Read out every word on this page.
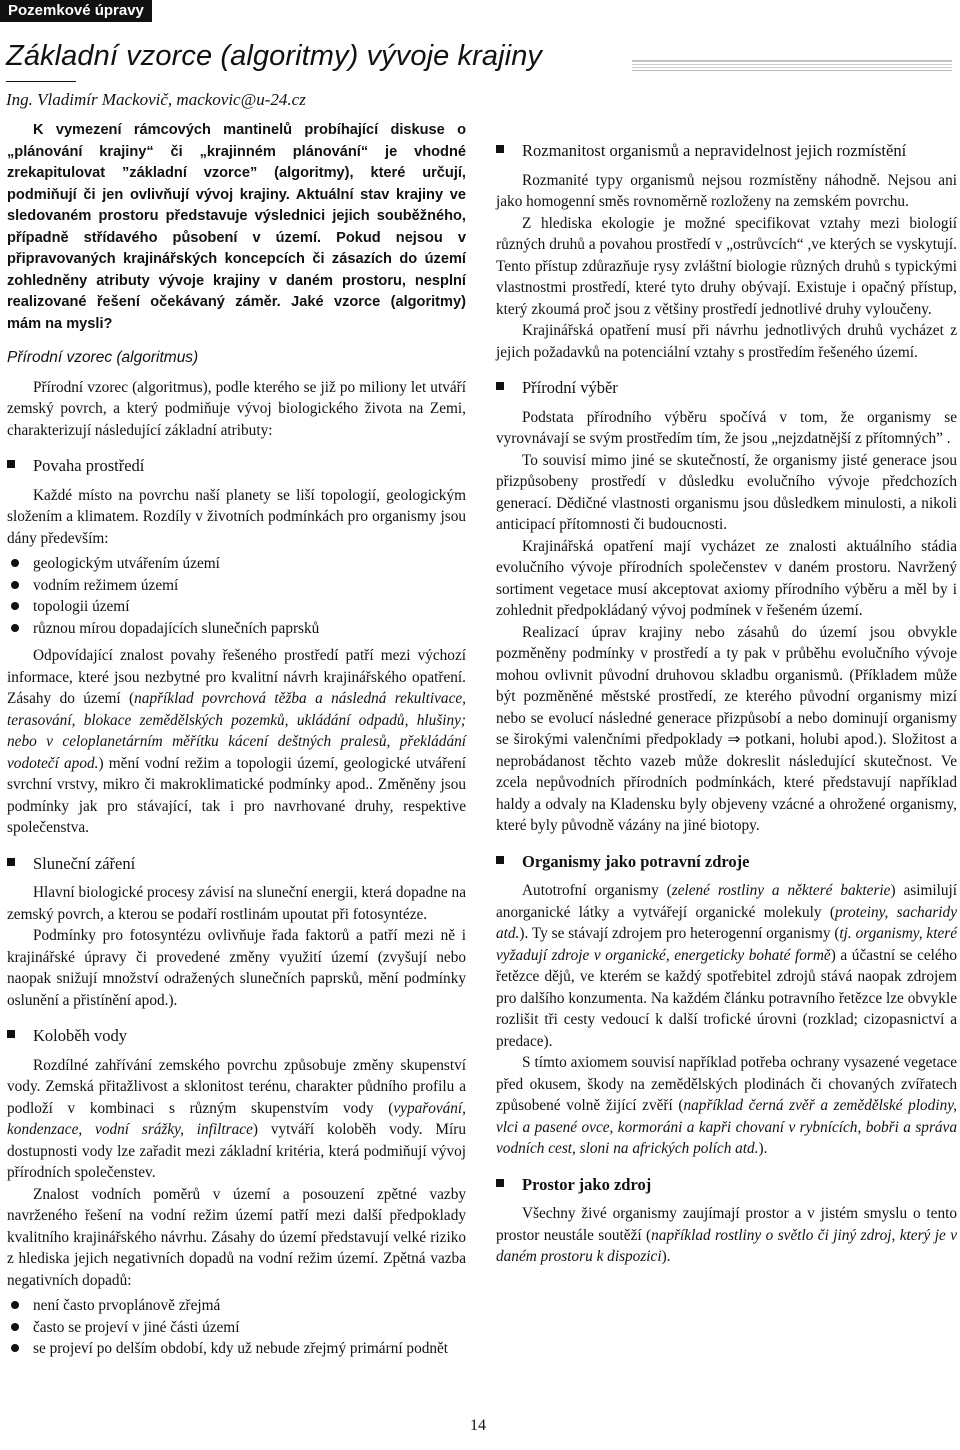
Pozemkové úpravy
Základní vzorce (algoritmy) vývoje krajiny
Ing. Vladimír Mackovič, mackovic@u-24.cz

K vymezení rámcových mantinelů probíhající diskuse o „plánování krajiny“ či „krajinném plánování“ je vhodné zrekapitulovat ”základní vzorce” (algoritmy), které určují, podmiňují či jen ovlivňují vývoj krajiny. Aktuální stav krajiny ve sledovaném prostoru představuje výslednici jejich souběžného, případně střídavého působení v území. Pokud nejsou v připravovaných krajinářských koncepcích či zásazích do území zohledněny atributy vývoje krajiny v daném prostoru, nesplní realizované řešení očekávaný záměr. Jaké vzorce (algoritmy) mám na mysli?

Přírodní vzorec (algoritmus)

Přírodní vzorec (algoritmus), podle kterého se již po miliony let utváří zemský povrch, a který podmiňuje vývoj biologického života na Zemi, charakterizují následující základní atributy:

Povaha prostředí

Každé místo na povrchu naší planety se liší topologií, geologickým složením a klimatem. Rozdíly v životních podmínkách pro organismy jsou dány především:

geologickým utvářením území
vodním režimem území
topologii území
různou mírou dopadajících slunečních paprsků

Odpovídající znalost povahy řešeného prostředí patří mezi výchozí informace, které jsou nezbytné pro kvalitní návrh krajinářského opatření. Zásahy do území (například povrchová těžba a následná rekultivace, terasování, blokace zemědělských pozemků, ukládání odpadů, hlušiny; nebo v celoplanetárním měřítku kácení deštných pralesů, překládání vodotečí apod.) mění vodní režim a topologii území, geologické utváření svrchní vrstvy, mikro či makroklimatické podmínky apod.. Změněny jsou podmínky jak pro stávající, tak i pro navrhované druhy, respektive společenstva.

Sluneční záření

Hlavní biologické procesy závisí na sluneční energii, která dopadne na zemský povrch, a kterou se podaří rostlinám upoutat při fotosyntéze.

Podmínky pro fotosyntézu ovlivňuje řada faktorů a patří mezi ně i krajinářské úpravy či provedené změny využití území (zvyšují nebo naopak snižují množství odražených slunečních paprsků, mění podmínky oslunění a přistínění apod.).

Koloběh vody

Rozdílné zahřívání zemského povrchu způsobuje změny skupenství vody. Zemská přitažlivost a sklonitost terénu, charakter půdního profilu a podloží v kombinaci s různým skupenstvím vody (vypařování, kondenzace, vodní srážky, infiltrace) vytváří koloběh vody. Míru dostupnosti vody lze zařadit mezi základní kritéria, která podmiňují vývoj přírodních společenstev.

Znalost vodních poměrů v území a posouzení zpětné vazby navrženého řešení na vodní režim území patří mezi další předpoklady kvalitního krajinářského návrhu. Zásahy do území představují velké riziko z hlediska jejich negativních dopadů na vodní režim území. Zpětná vazba negativních dopadů:

není často prvoplánově zřejmá
často se projeví v jiné části území
se projeví po delším období, kdy už nebude zřejmý primární podnět
Rozmanitost organismů a nepravidelnost jejich rozmístění

Rozmanité typy organismů nejsou rozmístěny náhodně. Nejsou ani jako homogenní směs rovnoměrně rozloženy na zemském povrchu.

Z hlediska ekologie je možné specifikovat vztahy mezi biologií různých druhů a povahou prostředí v „ostrůvcích“ ,ve kterých se vyskytují. Tento přístup zdůrazňuje rysy zvláštní biologie různých druhů s typickými vlastnostmi prostředí, které tyto druhy obývají. Existuje i opačný přístup, který zkoumá proč jsou z většiny prostředí jednotlivé druhy vyloučeny.

Krajinářská opatření musí při návrhu jednotlivých druhů vycházet z jejich požadavků na potenciální vztahy s prostředím řešeného území.

Přírodní výběr

Podstata přírodního výběru spočívá v tom, že organismy se vyrovnávají se svým prostředím tím, že jsou „nejzdatnější z přítomných” .

To souvisí mimo jiné se skutečností, že organismy jisté generace jsou přizpůsobeny prostředí v důsledku evolučního vývoje předchozích generací. Dědičné vlastnosti organismu jsou důsledkem minulosti, a nikoli anticipací přítomnosti či budoucnosti.

Krajinářská opatření mají vycházet ze znalosti aktuálního stádia evolučního vývoje přírodních společenstev v daném prostoru. Navržený sortiment vegetace musí akceptovat axiomy přírodního výběru a měl by i zohlednit předpokládaný vývoj podmínek v řešeném území.

Realizací úprav krajiny nebo zásahů do území jsou obvykle pozměněny podmínky v prostředí a ty pak v průběhu evolučního vývoje mohou ovlivnit původní druhovou skladbu organismů. (Příkladem může být pozměněné městské prostředí, ze kterého původní organismy mizí nebo se evolucí následné generace přizpůsobí a nebo dominují organismy se širokými valenčními předpoklady ⇒ potkani, holubi apod.). Složitost a neprobádanost těchto vazeb může dokreslit následující skutečnost. Ve zcela nepůvodních přírodních podmínkách, které představují například haldy a odvaly na Kladensku byly objeveny vzácné a ohrožené organismy, které byly původně vázány na jiné biotopy.

Organismy jako potravní zdroje

Autotrofní organismy (zelené rostliny a některé bakterie) asimilují anorganické látky a vytvářejí organické molekuly (proteiny, sacharidy atd.). Ty se stávají zdrojem pro heterogenní organismy (tj. organismy, které vyžadují zdroje v organické, energeticky bohaté formě) a účastní se celého řetězce dějů, ve kterém se každý spotřebitel zdrojů stává naopak zdrojem pro dalšího konzumenta. Na každém článku potravního řetězce lze obvykle rozlišit tři cesty vedoucí k další trofické úrovni (rozklad; cizopasnictví a predace).

S tímto axiomem souvisí například potřeba ochrany vysazené vegetace před okusem, škody na zemědělských plodinách či chovaných zvířatech způsobené volně žijící zvěří (například černá zvěř a zemědělské plodiny, vlci a pasené ovce, kormoráni a kapři chovaní v rybnících, bobři a správa vodních cest, sloni na afrických polích atd.).

Prostor jako zdroj

Všechny živé organismy zaujímají prostor a v jistém smyslu o tento prostor neustále soutěží (například rostliny o světlo či jiný zdroj, který je v daném prostoru k dispozici).

14
